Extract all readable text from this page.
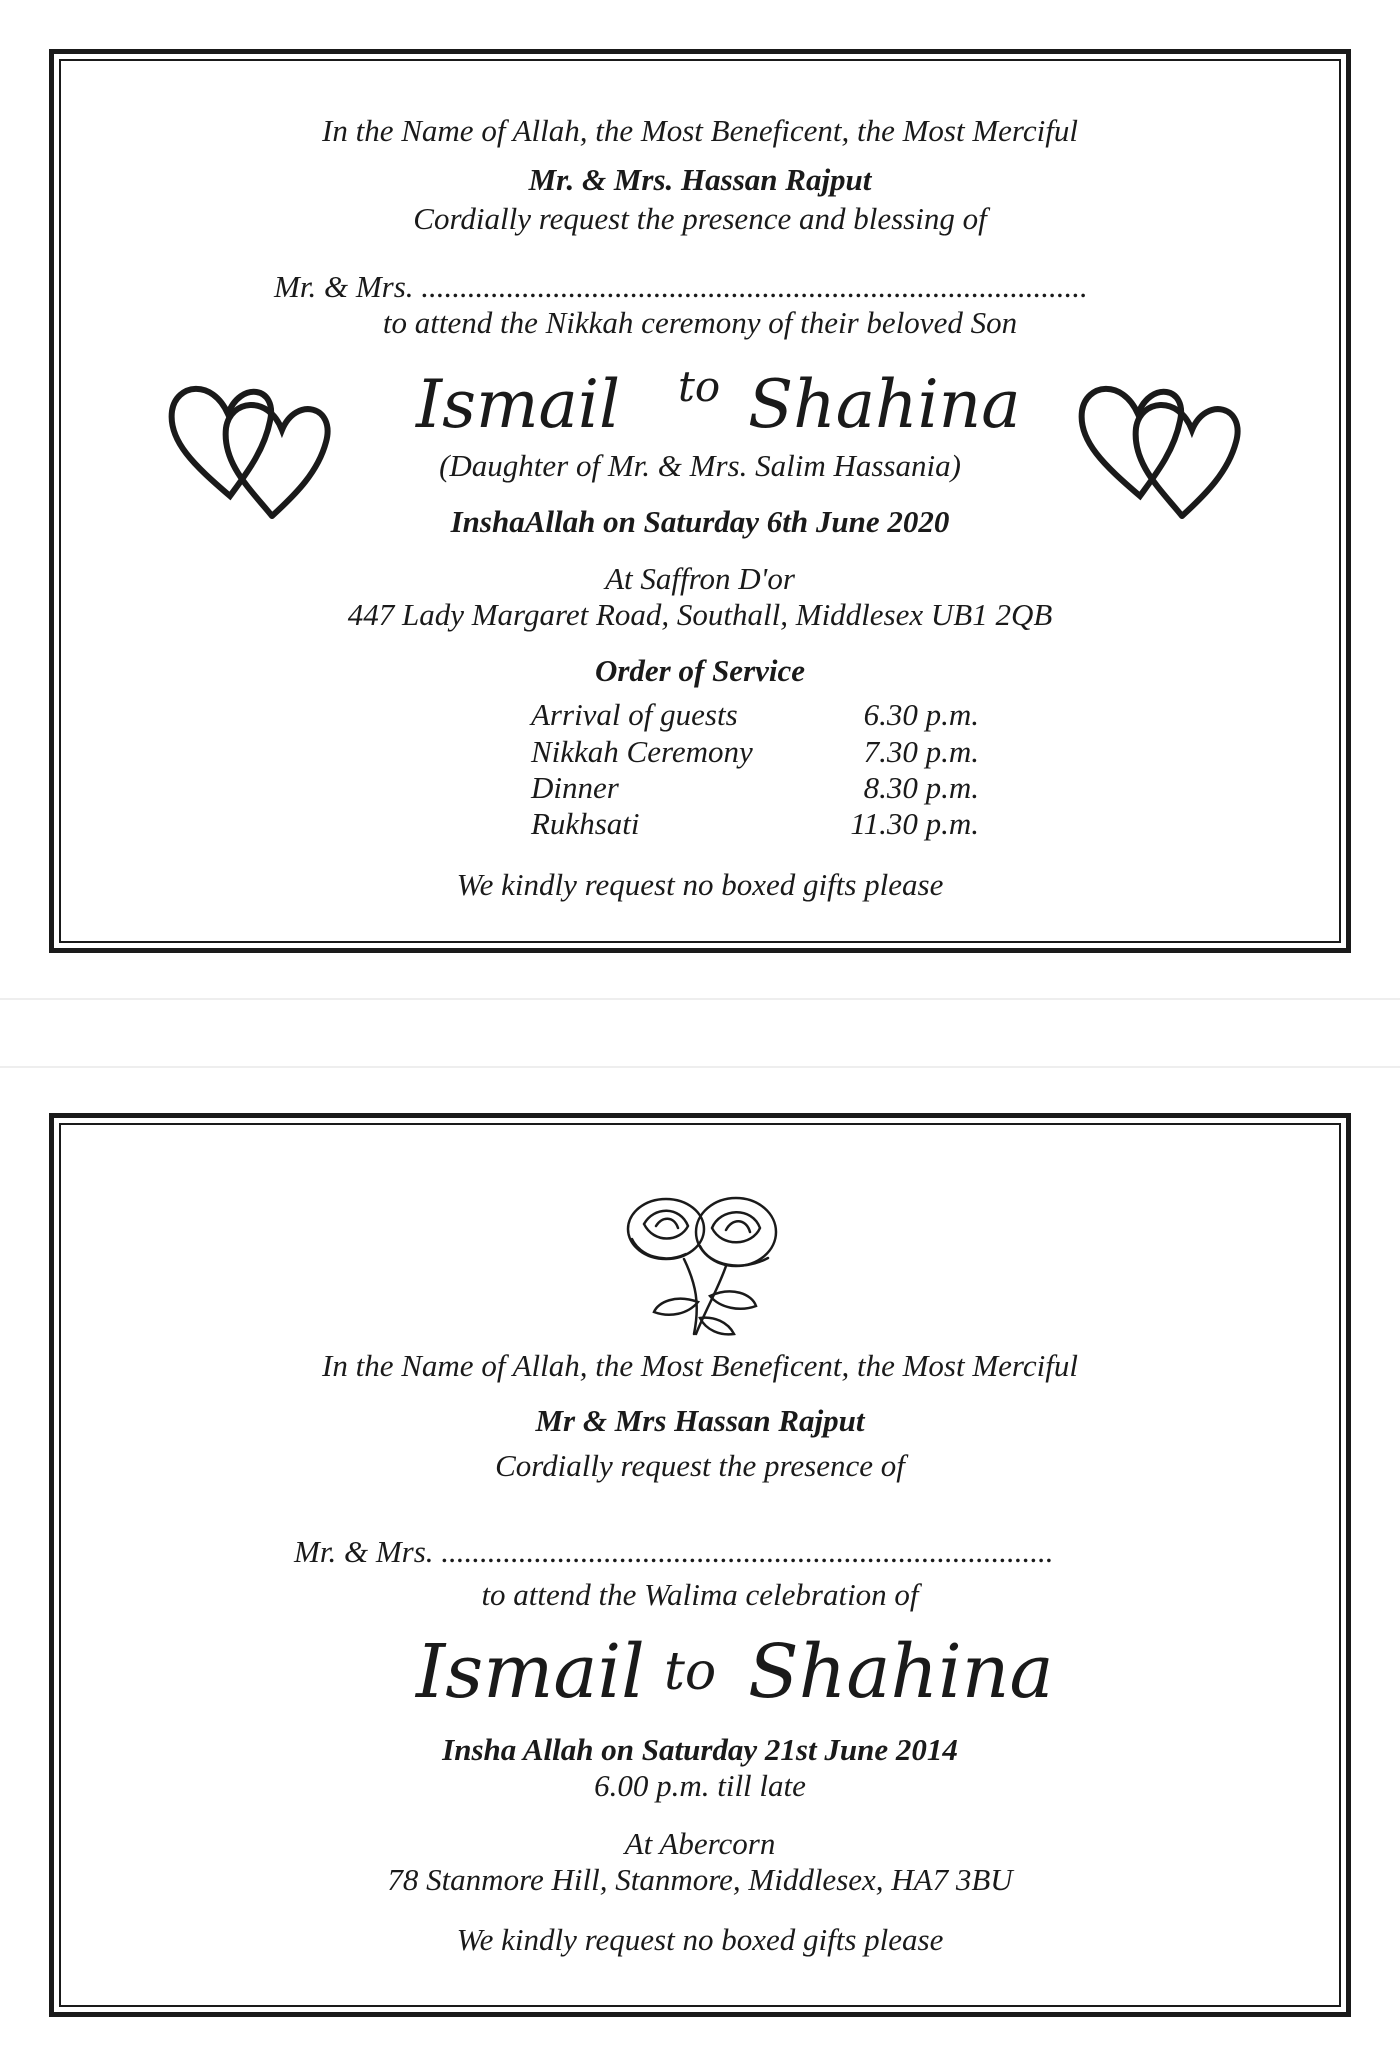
In the Name of Allah, the Most Beneficent, the Most Merciful
Mr. & Mrs. Hassan Rajput
Cordially request the presence and blessing of
Mr. & Mrs. ......................................................................................
to attend the Nikkah ceremony of their beloved Son
Ismail to Shahina
(Daughter of Mr. & Mrs. Salim Hassania)
InshaAllah on Saturday 6th June 2020
At Saffron D'or
447 Lady Margaret Road, Southall, Middlesex UB1 2QB
Order of Service
Arrival of guests	6.30 p.m.
Nikkah Ceremony	7.30 p.m.
Dinner	8.30 p.m.
Rukhsati	11.30 p.m.
We kindly request no boxed gifts please
In the Name of Allah, the Most Beneficent, the Most Merciful
Mr & Mrs Hassan Rajput
Cordially request the presence of
Mr. & Mrs. ...............................................................................
to attend the Walima celebration of
Ismail to Shahina
Insha Allah on Saturday 21st June 2014
6.00 p.m. till late
At Abercorn
78 Stanmore Hill, Stanmore, Middlesex, HA7 3BU
We kindly request no boxed gifts please
